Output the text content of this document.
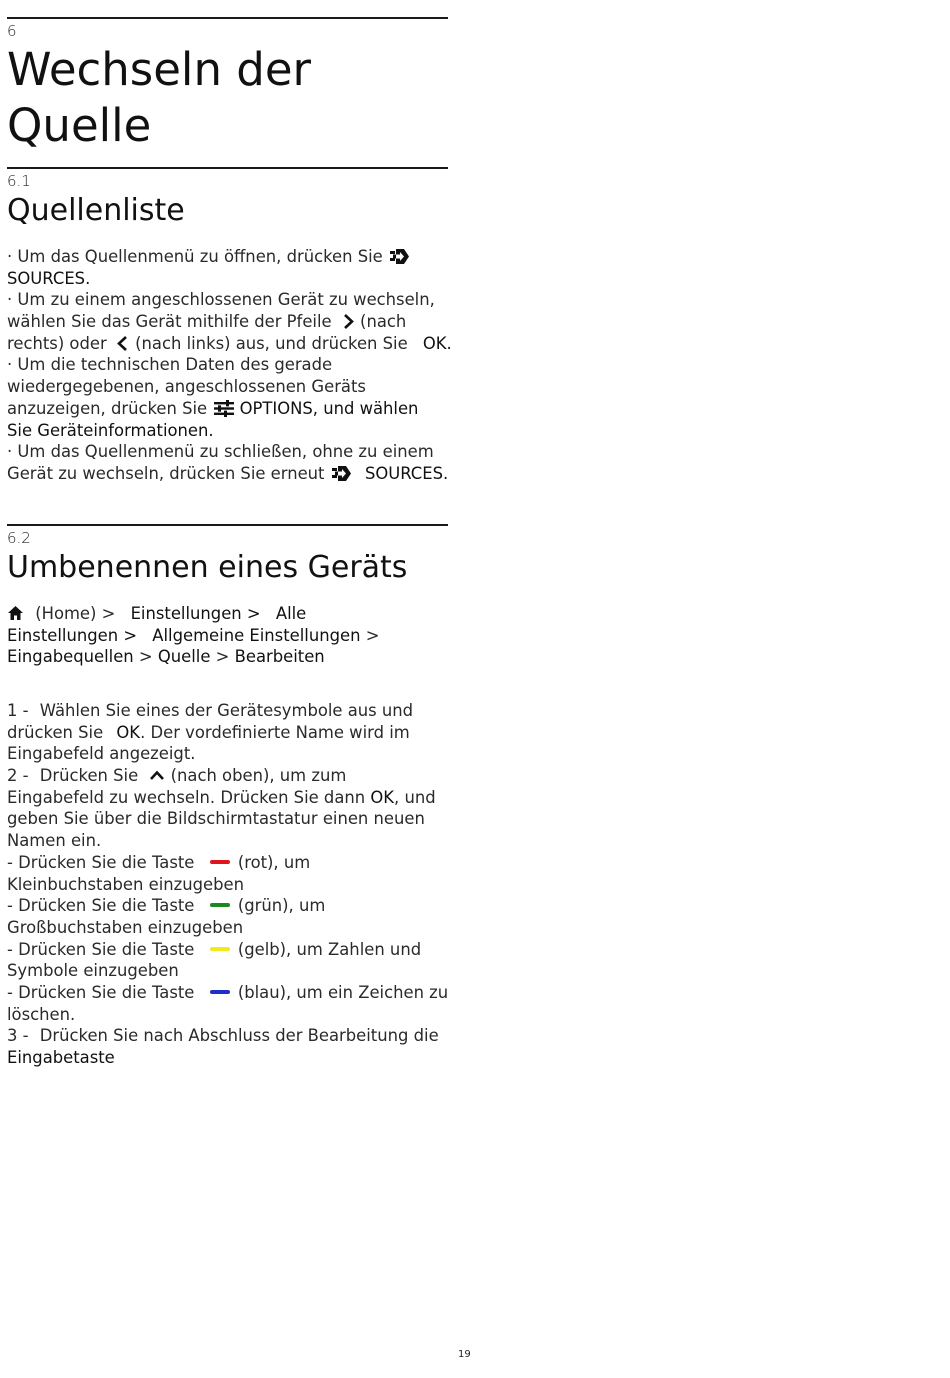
6
Wechseln der
Quelle
6.1
Quellenliste
· Um das Quellenmenü zu öffnen, drücken Sie
SOURCES.
· Um zu einem angeschlossenen Gerät zu wechseln,
wählen Sie das Gerät mithilfe der Pfeile (nach
rechts) oder (nach links) aus, und drücken Sie OK.
· Um die technischen Daten des gerade
wiedergegebenen, angeschlossenen Geräts
anzuzeigen, drücken Sie OPTIONS, und wählen
Sie Geräteinformationen.
· Um das Quellenmenü zu schließen, ohne zu einem
Gerät zu wechseln, drücken Sie erneut SOURCES.
6.2
Umbenennen eines Geräts
(Home) > Einstellungen > Alle
Einstellungen > Allgemeine Einstellungen >
Eingabequellen > Quelle > Bearbeiten
1 - Wählen Sie eines der Gerätesymbole aus und
drücken Sie OK. Der vordefinierte Name wird im
Eingabefeld angezeigt.
2 - Drücken Sie (nach oben), um zum
Eingabefeld zu wechseln. Drücken Sie dann OK, und
geben Sie über die Bildschirmtastatur einen neuen
Namen ein.
- Drücken Sie die Taste	(rot), um
Kleinbuchstaben einzugeben
- Drücken Sie die Taste	(grün), um
Großbuchstaben einzugeben
- Drücken Sie die Taste	(gelb), um Zahlen und
Symbole einzugeben
- Drücken Sie die Taste	(blau), um ein Zeichen zu
löschen.
3 - Drücken Sie nach Abschluss der Bearbeitung die
Eingabetaste
19
